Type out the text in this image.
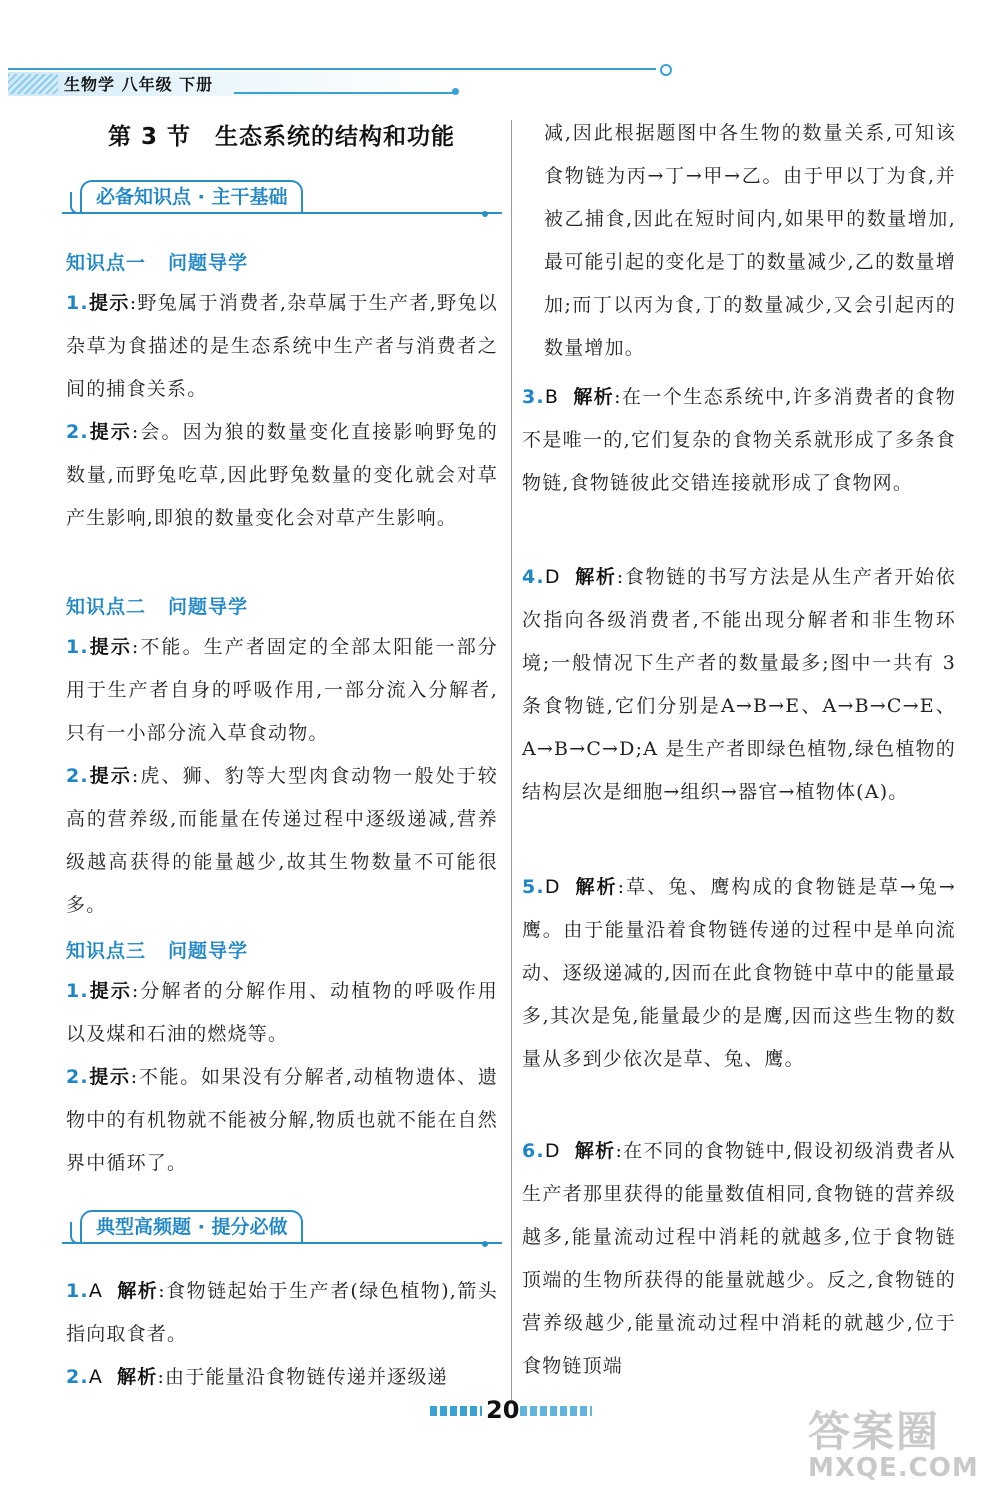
生物学 八年级 下册
第 3 节 生态系统的结构和功能
必备知识点 · 主干基础
知识点一 问题导学
1.提示:野兔属于消费者,杂草属于生产者,野兔以杂草为食描述的是生态系统中生产者与消费者之间的捕食关系。
2.提示:会。因为狼的数量变化直接影响野兔的数量,而野兔吃草,因此野兔数量的变化就会对草产生影响,即狼的数量变化会对草产生影响。
知识点二 问题导学
1.提示:不能。生产者固定的全部太阳能一部分用于生产者自身的呼吸作用,一部分流入分解者,只有一小部分流入草食动物。
2.提示:虎、狮、豹等大型肉食动物一般处于较高的营养级,而能量在传递过程中逐级递减,营养级越高获得的能量越少,故其生物数量不可能很多。
知识点三 问题导学
1.提示:分解者的分解作用、动植物的呼吸作用以及煤和石油的燃烧等。
2.提示:不能。如果没有分解者,动植物遗体、遗物中的有机物就不能被分解,物质也就不能在自然界中循环了。
典型高频题 · 提分必做
1.A 解析:食物链起始于生产者(绿色植物),箭头指向取食者。
2.A 解析:由于能量沿食物链传递并逐级递
减,因此根据题图中各生物的数量关系,可知该食物链为丙→丁→甲→乙。由于甲以丁为食,并被乙捕食,因此在短时间内,如果甲的数量增加,最可能引起的变化是丁的数量减少,乙的数量增加;而丁以丙为食,丁的数量减少,又会引起丙的数量增加。
3.B 解析:在一个生态系统中,许多消费者的食物不是唯一的,它们复杂的食物关系就形成了多条食物链,食物链彼此交错连接就形成了食物网。
4.D 解析:食物链的书写方法是从生产者开始依次指向各级消费者,不能出现分解者和非生物环境;一般情况下生产者的数量最多;图中一共有 3 条食物链,它们分别是A→B→E、A→B→C→E、A→B→C→D;A 是生产者即绿色植物,绿色植物的结构层次是细胞→组织→器官→植物体(A)。
5.D 解析:草、兔、鹰构成的食物链是草→兔→鹰。由于能量沿着食物链传递的过程中是单向流动、逐级递减的,因而在此食物链中草中的能量最多,其次是兔,能量最少的是鹰,因而这些生物的数量从多到少依次是草、兔、鹰。
6.D 解析:在不同的食物链中,假设初级消费者从生产者那里获得的能量数值相同,食物链的营养级越多,能量流动过程中消耗的就越多,位于食物链顶端的生物所获得的能量就越少。反之,食物链的营养级越少,能量流动过程中消耗的就越少,位于食物链顶端
20	答案圈
MXQE.COM
